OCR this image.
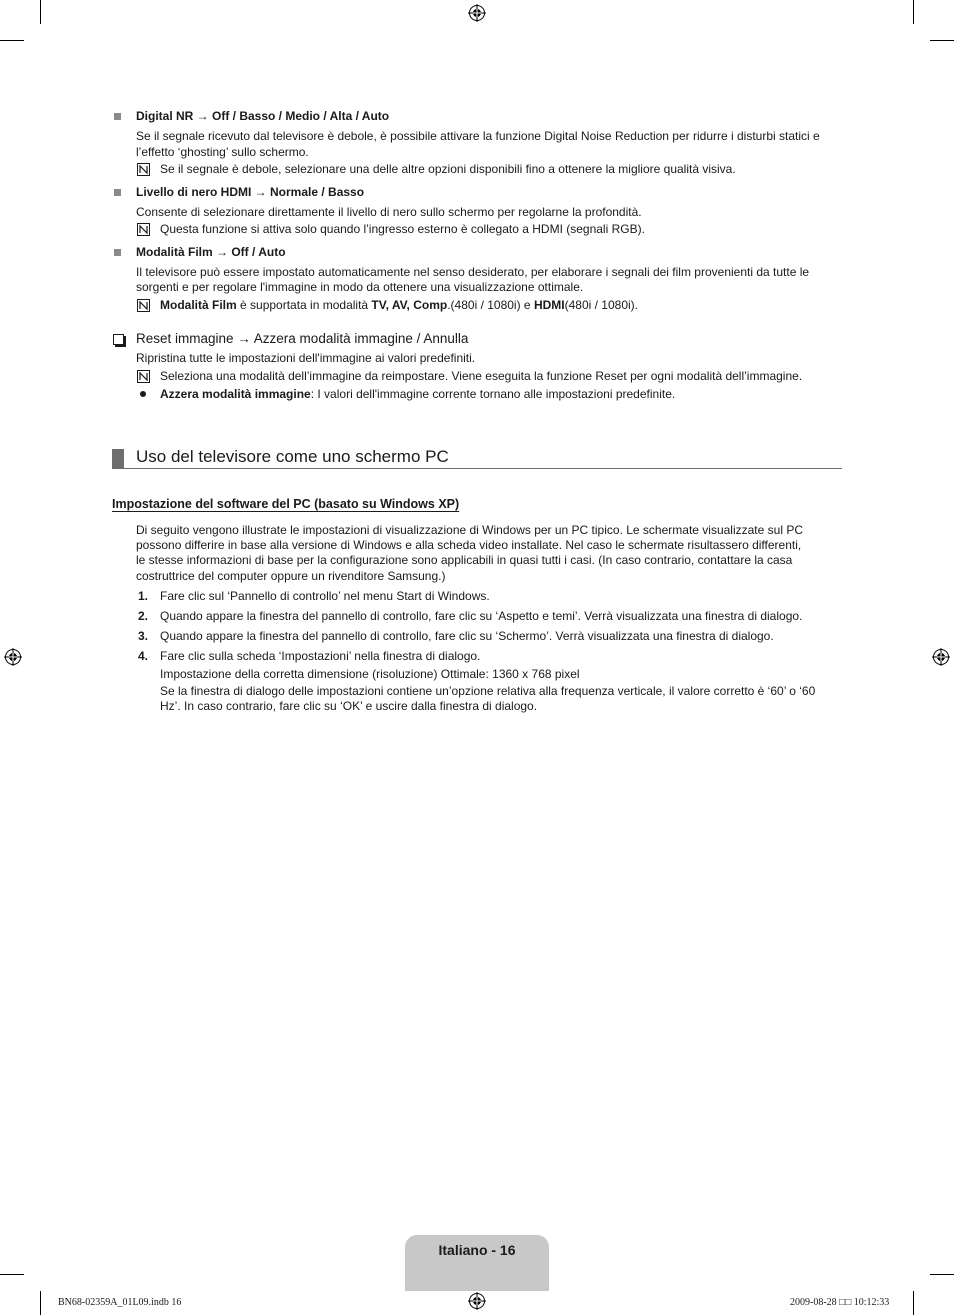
Digital NR → Off / Basso / Medio / Alta / Auto
Se il segnale ricevuto dal televisore è debole, è possibile attivare la funzione Digital Noise Reduction per ridurre i disturbi statici e
l’effetto ‘ghosting’ sullo schermo.
Se il segnale è debole, selezionare una delle altre opzioni disponibili fino a ottenere la migliore qualità visiva.
Livello di nero HDMI → Normale / Basso
Consente di selezionare direttamente il livello di nero sullo schermo per regolarne la profondità.
Questa funzione si attiva solo quando l’ingresso esterno è collegato a HDMI (segnali RGB).
Modalità Film → Off / Auto
Il televisore può essere impostato automaticamente nel senso desiderato, per elaborare i segnali dei film provenienti da tutte le
sorgenti e per regolare l'immagine in modo da ottenere una visualizzazione ottimale.
Modalità Film è supportata in modalità TV, AV, Comp.(480i / 1080i) e HDMI(480i / 1080i).
Reset immagine → Azzera modalità immagine / Annulla
Ripristina tutte le impostazioni dell'immagine ai valori predefiniti.
Seleziona una modalità dell’immagine da reimpostare. Viene eseguita la funzione Reset per ogni modalità dell’immagine.
Azzera modalità immagine: I valori dell'immagine corrente tornano alle impostazioni predefinite.
Uso del televisore come uno schermo PC
Impostazione del software del PC (basato su Windows XP)
Di seguito vengono illustrate le impostazioni di visualizzazione di Windows per un PC tipico. Le schermate visualizzate sul PC
possono differire in base alla versione di Windows e alla scheda video installate. Nel caso le schermate risultassero differenti,
le stesse informazioni di base per la configurazione sono applicabili in quasi tutti i casi. (In caso contrario, contattare la casa
costruttrice del computer oppure un rivenditore Samsung.)
1. Fare clic sul ‘Pannello di controllo’ nel menu Start di Windows.
2. Quando appare la finestra del pannello di controllo, fare clic su ‘Aspetto e temi’. Verrà visualizzata una finestra di dialogo.
3. Quando appare la finestra del pannello di controllo, fare clic su ‘Schermo’. Verrà visualizzata una finestra di dialogo.
4. Fare clic sulla scheda ‘Impostazioni’ nella finestra di dialogo.
Impostazione della corretta dimensione (risoluzione) Ottimale: 1360 x 768 pixel
Se la finestra di dialogo delle impostazioni contiene un’opzione relativa alla frequenza verticale, il valore corretto è ‘60’ o ‘60
Hz’. In caso contrario, fare clic su ‘OK’ e uscire dalla finestra di dialogo.
Italiano - 16
BN68-02359A_01L09.indb 16	2009-08-28 □□ 10:12:33
